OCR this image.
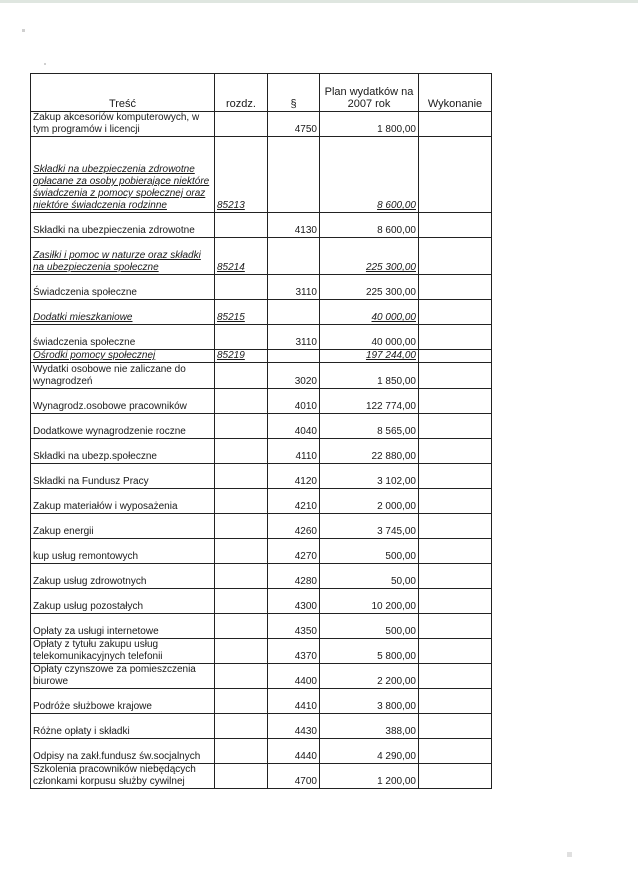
Treść	rozdz.	§	Plan wydatków na 2007 rok	Wykonanie
Zakup akcesoriów komputerowych, w tym programów i licencji		4750	1 800,00	
Składki na ubezpieczenia zdrowotne opłacane za osoby pobierające niektóre świadczenia z pomocy społecznej oraz niektóre świadczenia rodzinne	85213		8 600,00	
Składki na ubezpieczenia zdrowotne		4130	8 600,00	
Zasiłki i pomoc w naturze oraz składki na ubezpieczenia społeczne	85214		225 300,00	
Świadczenia społeczne		3110	225 300,00	
Dodatki mieszkaniowe	85215		40 000,00	
świadczenia społeczne		3110	40 000,00	
Ośrodki pomocy społecznej	85219		197 244,00	
Wydatki osobowe nie zaliczane do wynagrodzeń		3020	1 850,00	
Wynagrodz.osobowe pracowników		4010	122 774,00	
Dodatkowe wynagrodzenie roczne		4040	8 565,00	
Składki na ubezp.społeczne		4110	22 880,00	
Składki na Fundusz Pracy		4120	3 102,00	
Zakup materiałów i wyposażenia		4210	2 000,00	
Zakup energii		4260	3 745,00	
kup usług remontowych		4270	500,00	
Zakup usług zdrowotnych		4280	50,00	
Zakup usług pozostałych		4300	10 200,00	
Opłaty za usługi internetowe		4350	500,00	
Opłaty z tytułu zakupu usług telekomunikacyjnych telefonii		4370	5 800,00	
Opłaty czynszowe za pomieszczenia biurowe		4400	2 200,00	
Podróże służbowe krajowe		4410	3 800,00	
Różne opłaty i składki		4430	388,00	
Odpisy na zakł.fundusz św.socjalnych		4440	4 290,00	
Szkolenia pracowników niebędących członkami korpusu służby cywilnej		4700	1 200,00	
